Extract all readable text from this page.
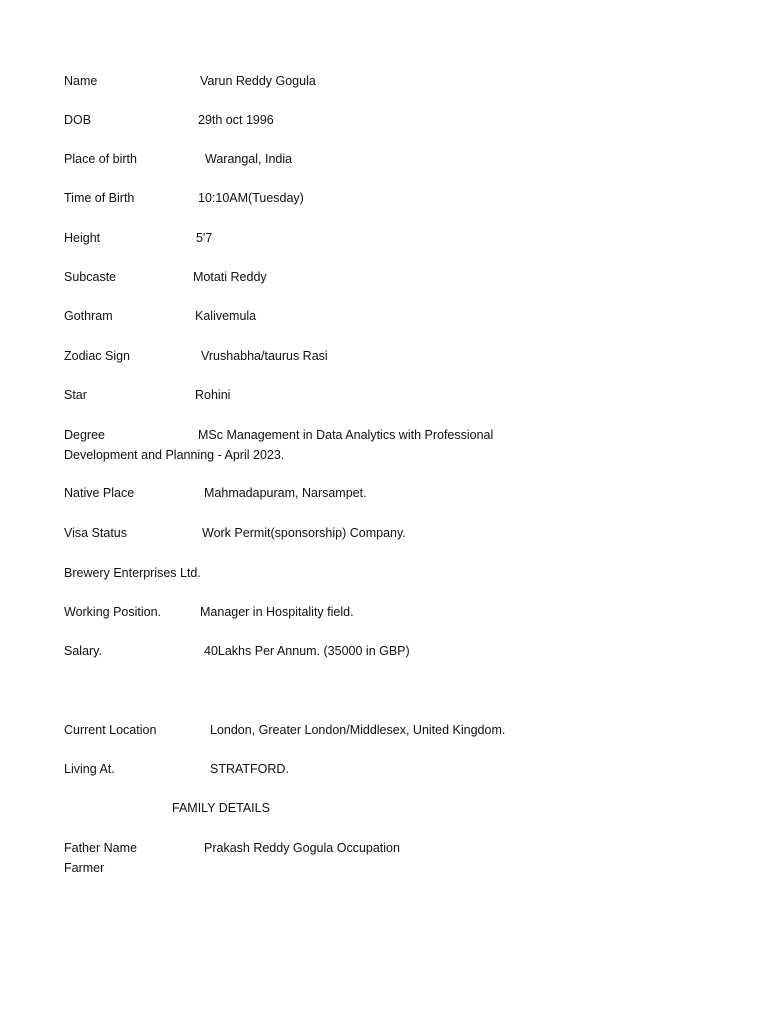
Name	Varun Reddy Gogula
DOB	29th oct 1996
Place of birth	Warangal, India
Time of Birth	10:10AM(Tuesday)
Height	5'7
Subcaste	Motati Reddy
Gothram	Kalivemula
Zodiac Sign	Vrushabha/taurus Rasi
Star	Rohini
Degree	MSc Management in Data Analytics with Professional
Development and Planning - April 2023.
Native Place	Mahmadapuram, Narsampet.
Visa Status	Work Permit(sponsorship) Company.
Brewery Enterprises Ltd.
Working Position.	Manager in Hospitality field.
Salary.	40Lakhs Per Annum. (35000 in GBP)
Current Location	London, Greater London/Middlesex, United Kingdom.
Living At.	STRATFORD.
FAMILY DETAILS
Father Name	Prakash Reddy Gogula Occupation
Farmer
